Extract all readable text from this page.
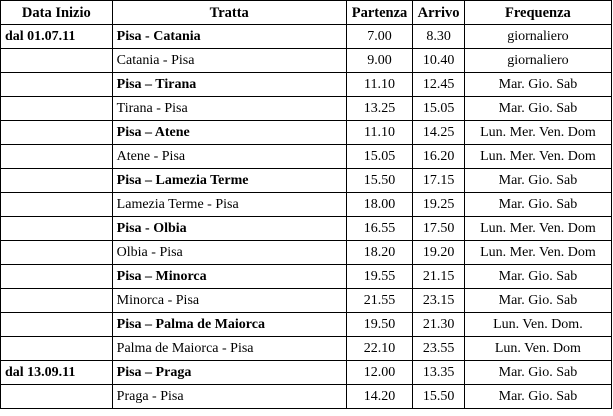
Data Inizio	Tratta	Partenza	Arrivo	Frequenza
dal 01.07.11	Pisa - Catania	7.00	8.30	giornaliero
	Catania - Pisa	9.00	10.40	giornaliero
	Pisa – Tirana	11.10	12.45	Mar. Gio. Sab
	Tirana - Pisa	13.25	15.05	Mar. Gio. Sab
	Pisa – Atene	11.10	14.25	Lun. Mer. Ven. Dom
	Atene - Pisa	15.05	16.20	Lun. Mer. Ven. Dom
	Pisa – Lamezia Terme	15.50	17.15	Mar. Gio. Sab
	Lamezia Terme - Pisa	18.00	19.25	Mar. Gio. Sab
	Pisa - Olbia	16.55	17.50	Lun. Mer. Ven. Dom
	Olbia - Pisa	18.20	19.20	Lun. Mer. Ven. Dom
	Pisa – Minorca	19.55	21.15	Mar. Gio. Sab
	Minorca - Pisa	21.55	23.15	Mar. Gio. Sab
	Pisa – Palma de Maiorca	19.50	21.30	Lun. Ven. Dom.
	Palma de Maiorca - Pisa	22.10	23.55	Lun. Ven. Dom
dal 13.09.11	Pisa – Praga	12.00	13.35	Mar. Gio. Sab
	Praga - Pisa	14.20	15.50	Mar. Gio. Sab
